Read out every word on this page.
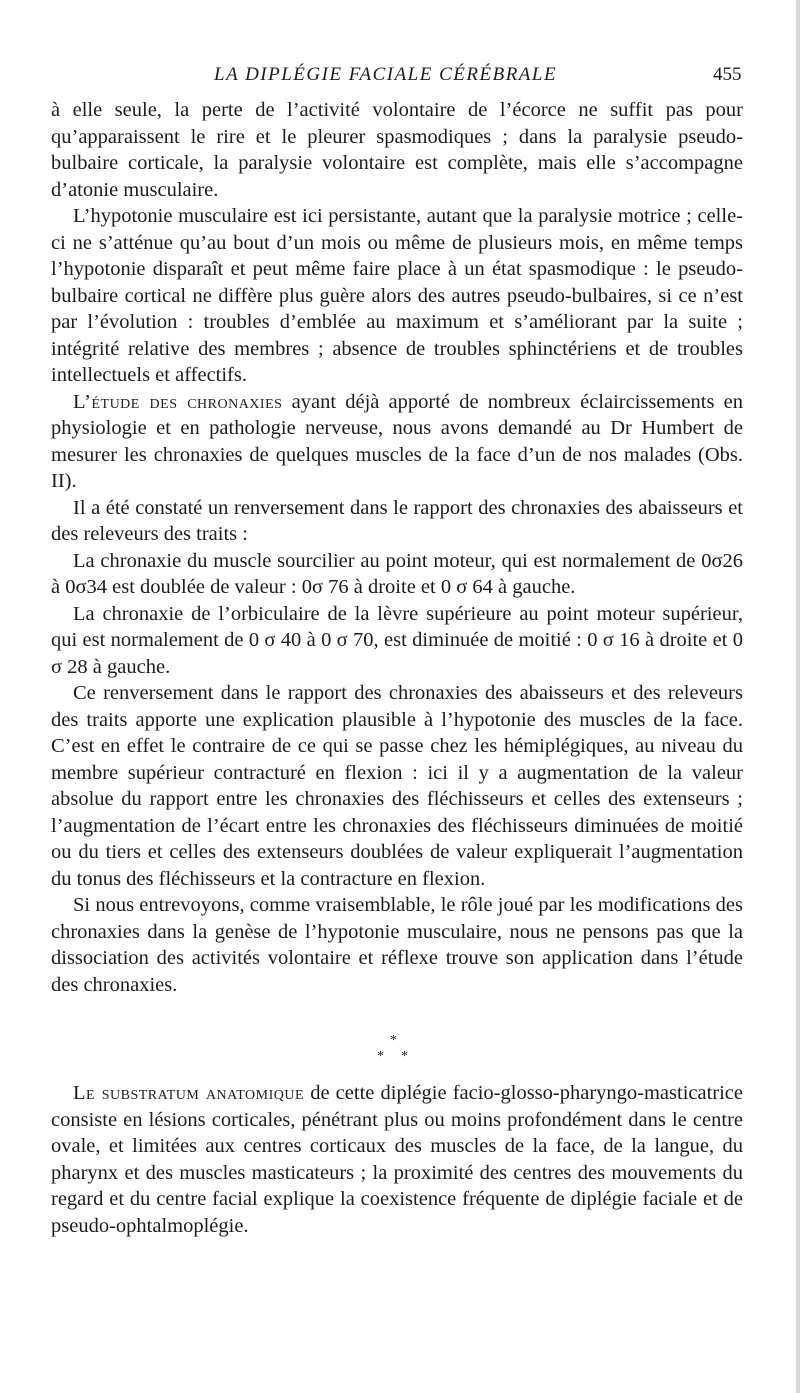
LA DIPLÉGIE FACIALE CÉRÉBRALE	455

à elle seule, la perte de l’activité volontaire de l’écorce ne suffit pas pour qu’apparaissent le rire et le pleurer spasmodiques ; dans la paralysie pseudo-bulbaire corticale, la paralysie volontaire est complète, mais elle s’accompagne d’atonie musculaire.

L’hypotonie musculaire est ici persistante, autant que la paralysie motrice ; celle-ci ne s’atténue qu’au bout d’un mois ou même de plusieurs mois, en même temps l’hypotonie disparaît et peut même faire place à un état spasmodique : le pseudo-bulbaire cortical ne diffère plus guère alors des autres pseudo-bulbaires, si ce n’est par l’évolution : troubles d’emblée au maximum et s’améliorant par la suite ; intégrité relative des membres ; absence de troubles sphinctériens et de troubles intellectuels et affectifs.

L’étude des chronaxies ayant déjà apporté de nombreux éclaircissements en physiologie et en pathologie nerveuse, nous avons demandé au Dr Humbert de mesurer les chronaxies de quelques muscles de la face d’un de nos malades (Obs. II).

Il a été constaté un renversement dans le rapport des chronaxies des abaisseurs et des releveurs des traits :

La chronaxie du muscle sourcilier au point moteur, qui est normalement de 0σ26 à 0σ34 est doublée de valeur : 0σ 76 à droite et 0 σ 64 à gauche.

La chronaxie de l’orbiculaire de la lèvre supérieure au point moteur supérieur, qui est normalement de 0 σ 40 à 0 σ 70, est diminuée de moitié : 0 σ 16 à droite et 0 σ 28 à gauche.

Ce renversement dans le rapport des chronaxies des abaisseurs et des releveurs des traits apporte une explication plausible à l’hypotonie des muscles de la face. C’est en effet le contraire de ce qui se passe chez les hémiplégiques, au niveau du membre supérieur contracturé en flexion : ici il y a augmentation de la valeur absolue du rapport entre les chronaxies des fléchisseurs et celles des extenseurs ; l’augmentation de l’écart entre les chronaxies des fléchisseurs diminuées de moitié ou du tiers et celles des extenseurs doublées de valeur expliquerait l’augmentation du tonus des fléchisseurs et la contracture en flexion.

Si nous entrevoyons, comme vraisemblable, le rôle joué par les modifications des chronaxies dans la genèse de l’hypotonie musculaire, nous ne pensons pas que la dissociation des activités volontaire et réflexe trouve son application dans l’étude des chronaxies.

*
* *

Le substratum anatomique de cette diplégie facio-glosso-pharyngo-masticatrice consiste en lésions corticales, pénétrant plus ou moins profondément dans le centre ovale, et limitées aux centres corticaux des muscles de la face, de la langue, du pharynx et des muscles masticateurs ; la proximité des centres des mouvements du regard et du centre facial explique la coexistence fréquente de diplégie faciale et de pseudo-ophtalmoplégie.
